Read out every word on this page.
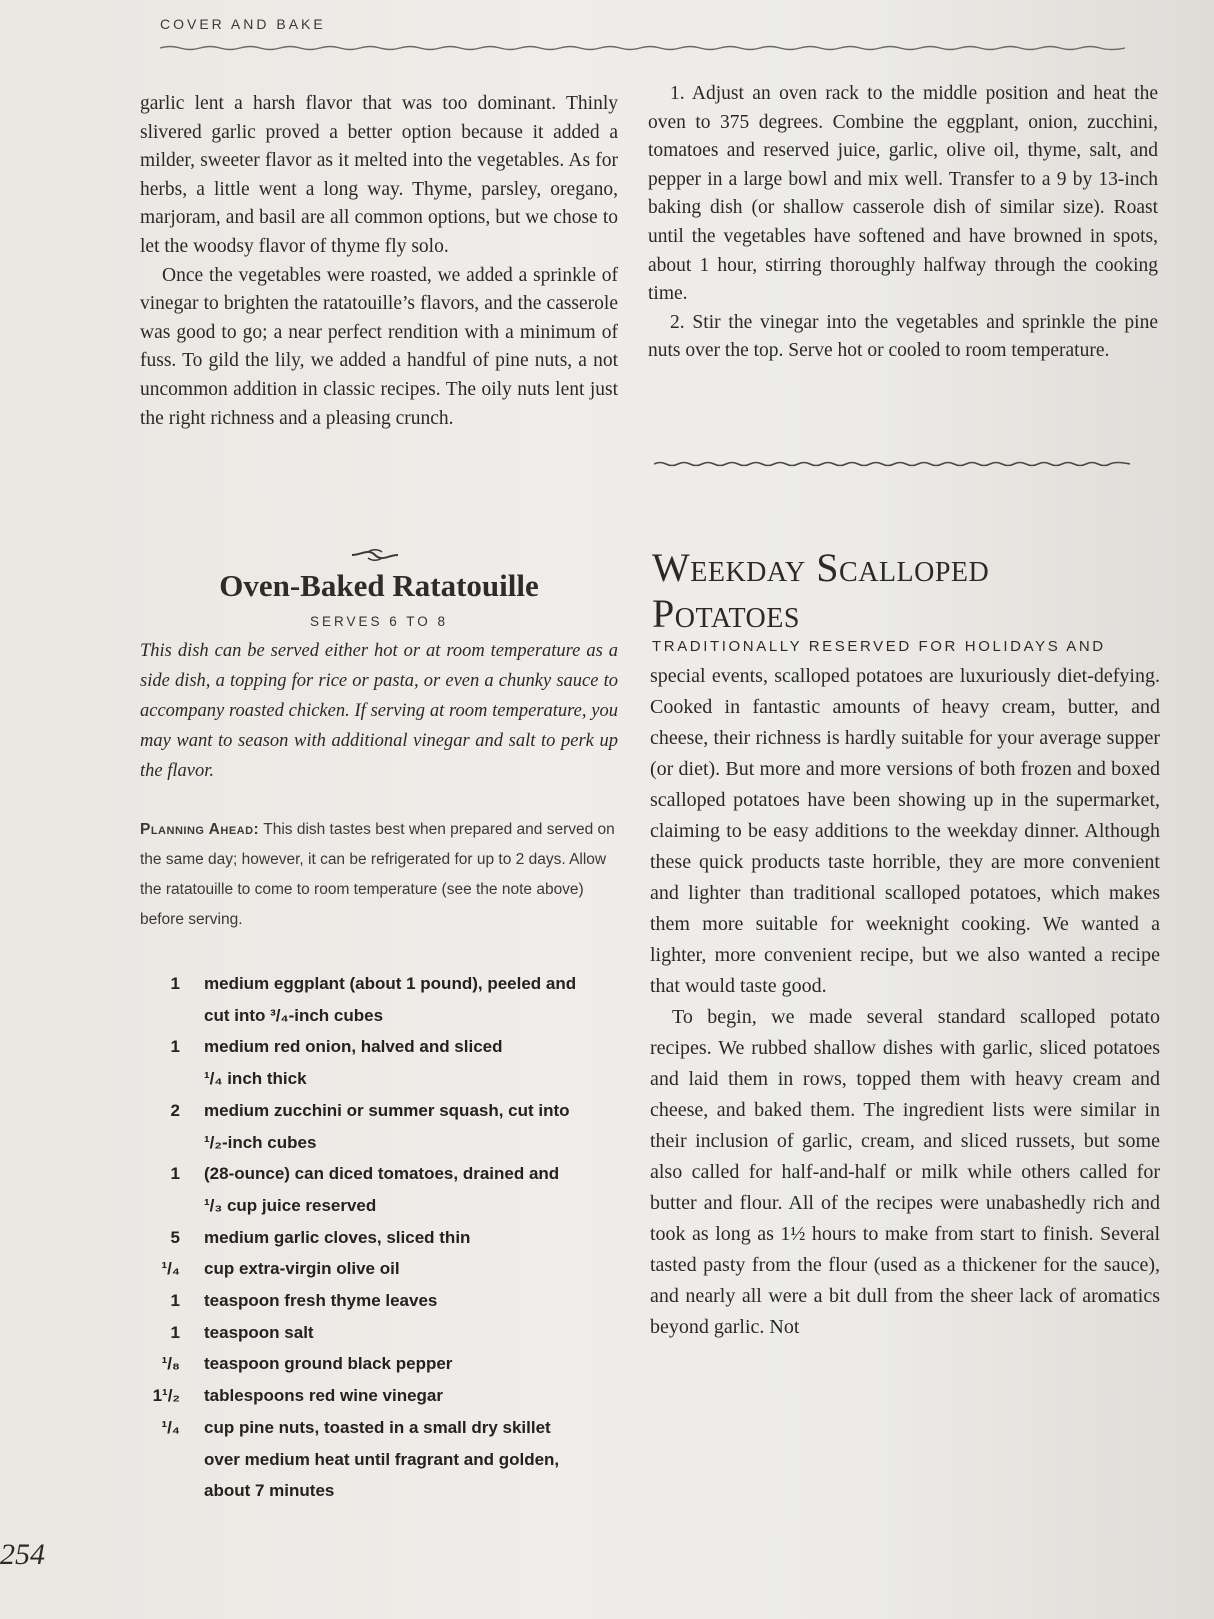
COVER AND BAKE

garlic lent a harsh flavor that was too dominant. Thinly slivered garlic proved a better option because it added a milder, sweeter flavor as it melted into the vegetables. As for herbs, a little went a long way. Thyme, parsley, oregano, marjoram, and basil are all common options, but we chose to let the woodsy flavor of thyme fly solo.

Once the vegetables were roasted, we added a sprinkle of vinegar to brighten the ratatouille’s flavors, and the casserole was good to go; a near perfect rendition with a minimum of fuss. To gild the lily, we added a handful of pine nuts, a not uncommon addition in classic recipes. The oily nuts lent just the right richness and a pleasing crunch.

Oven-Baked Ratatouille
SERVES 6 TO 8

This dish can be served either hot or at room temperature as a side dish, a topping for rice or pasta, or even a chunky sauce to accompany roasted chicken. If serving at room temperature, you may want to season with additional vinegar and salt to perk up the flavor.

Planning Ahead: This dish tastes best when prepared and served on the same day; however, it can be refrigerated for up to 2 days. Allow the ratatouille to come to room temperature (see the note above) before serving.

1	medium eggplant (about 1 pound), peeled and
cut into ³/₄-inch cubes
1	medium red onion, halved and sliced
¹/₄ inch thick
2	medium zucchini or summer squash, cut into
¹/₂-inch cubes
1	(28-ounce) can diced tomatoes, drained and
¹/₃ cup juice reserved
5	medium garlic cloves, sliced thin
¹/₄	cup extra-virgin olive oil
1	teaspoon fresh thyme leaves
1	teaspoon salt
¹/₈	teaspoon ground black pepper
1¹/₂	tablespoons red wine vinegar
¹/₄	cup pine nuts, toasted in a small dry skillet
over medium heat until fragrant and golden,
about 7 minutes

1. Adjust an oven rack to the middle position and heat the oven to 375 degrees. Combine the eggplant, onion, zucchini, tomatoes and reserved juice, garlic, olive oil, thyme, salt, and pepper in a large bowl and mix well. Transfer to a 9 by 13-inch baking dish (or shallow casserole dish of similar size). Roast until the vegetables have softened and have browned in spots, about 1 hour, stirring thoroughly halfway through the cooking time.

2. Stir the vinegar into the vegetables and sprinkle the pine nuts over the top. Serve hot or cooled to room temperature.

Weekday Scalloped
Potatoes
TRADITIONALLY RESERVED FOR HOLIDAYS AND

special events, scalloped potatoes are luxuriously diet-defying. Cooked in fantastic amounts of heavy cream, butter, and cheese, their richness is hardly suitable for your average supper (or diet). But more and more versions of both frozen and boxed scalloped potatoes have been showing up in the supermarket, claiming to be easy additions to the weekday dinner. Although these quick products taste horrible, they are more convenient and lighter than traditional scalloped potatoes, which makes them more suitable for weeknight cooking. We wanted a lighter, more convenient recipe, but we also wanted a recipe that would taste good.

To begin, we made several standard scalloped potato recipes. We rubbed shallow dishes with garlic, sliced potatoes and laid them in rows, topped them with heavy cream and cheese, and baked them. The ingredient lists were similar in their inclusion of garlic, cream, and sliced russets, but some also called for half-and-half or milk while others called for butter and flour. All of the recipes were unabashedly rich and took as long as 1½ hours to make from start to finish. Several tasted pasty from the flour (used as a thickener for the sauce), and nearly all were a bit dull from the sheer lack of aromatics beyond garlic. Not

254
